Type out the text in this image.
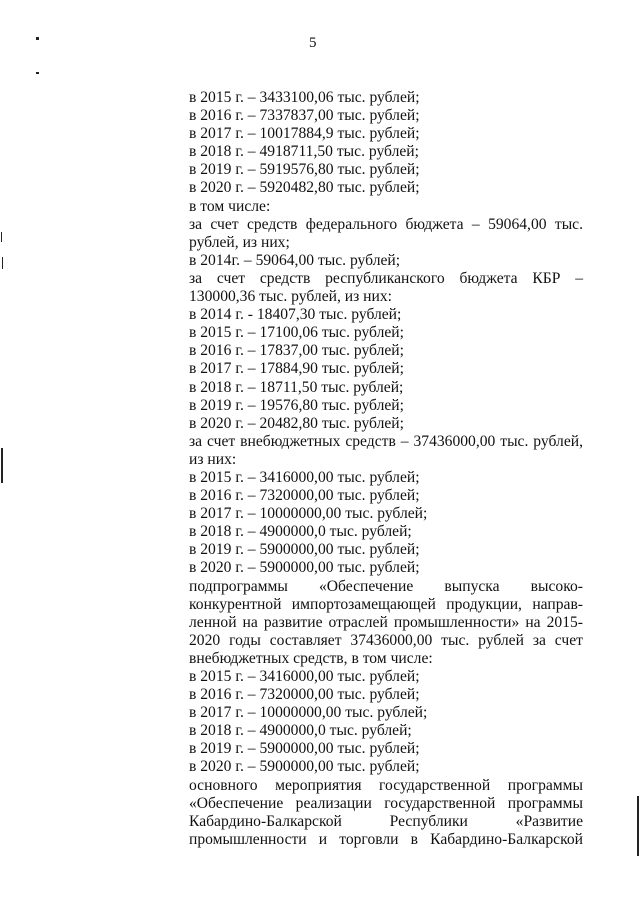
5
в 2015 г. – 3433100,06 тыс. рублей;
в 2016 г. – 7337837,00 тыс. рублей;
в 2017 г. – 10017884,9 тыс. рублей;
в 2018 г. – 4918711,50 тыс. рублей;
в 2019 г. – 5919576,80 тыс. рублей;
в 2020 г. – 5920482,80 тыс. рублей;
в том числе:
за счет средств федерального бюджета – 59064,00 тыс.
рублей, из них;
в 2014г. – 59064,00 тыс. рублей;
за счет средств республиканского бюджета КБР –
130000,36 тыс. рублей, из них:
в 2014 г. - 18407,30 тыс. рублей;
в 2015 г. – 17100,06 тыс. рублей;
в 2016 г. – 17837,00 тыс. рублей;
в 2017 г. – 17884,90 тыс. рублей;
в 2018 г. – 18711,50 тыс. рублей;
в 2019 г. – 19576,80 тыс. рублей;
в 2020 г. – 20482,80 тыс. рублей;
за счет внебюджетных средств – 37436000,00 тыс. рублей,
из них:
в 2015 г. – 3416000,00 тыс. рублей;
в 2016 г. – 7320000,00 тыс. рублей;
в 2017 г. – 10000000,00 тыс. рублей;
в 2018 г. – 4900000,0 тыс. рублей;
в 2019 г. – 5900000,00 тыс. рублей;
в 2020 г. – 5900000,00 тыс. рублей;
подпрограммы «Обеспечение выпуска высоко-
конкурентной импортозамещающей продукции, направ-
ленной на развитие отраслей промышленности» на 2015-
2020 годы составляет 37436000,00 тыс. рублей за счет
внебюджетных средств, в том числе:
в 2015 г. – 3416000,00 тыс. рублей;
в 2016 г. – 7320000,00 тыс. рублей;
в 2017 г. – 10000000,00 тыс. рублей;
в 2018 г. – 4900000,0 тыс. рублей;
в 2019 г. – 5900000,00 тыс. рублей;
в 2020 г. – 5900000,00 тыс. рублей;
основного мероприятия государственной программы
«Обеспечение реализации государственной программы
Кабардино-Балкарской Республики «Развитие
промышленности и торговли в Кабардино-Балкарской
